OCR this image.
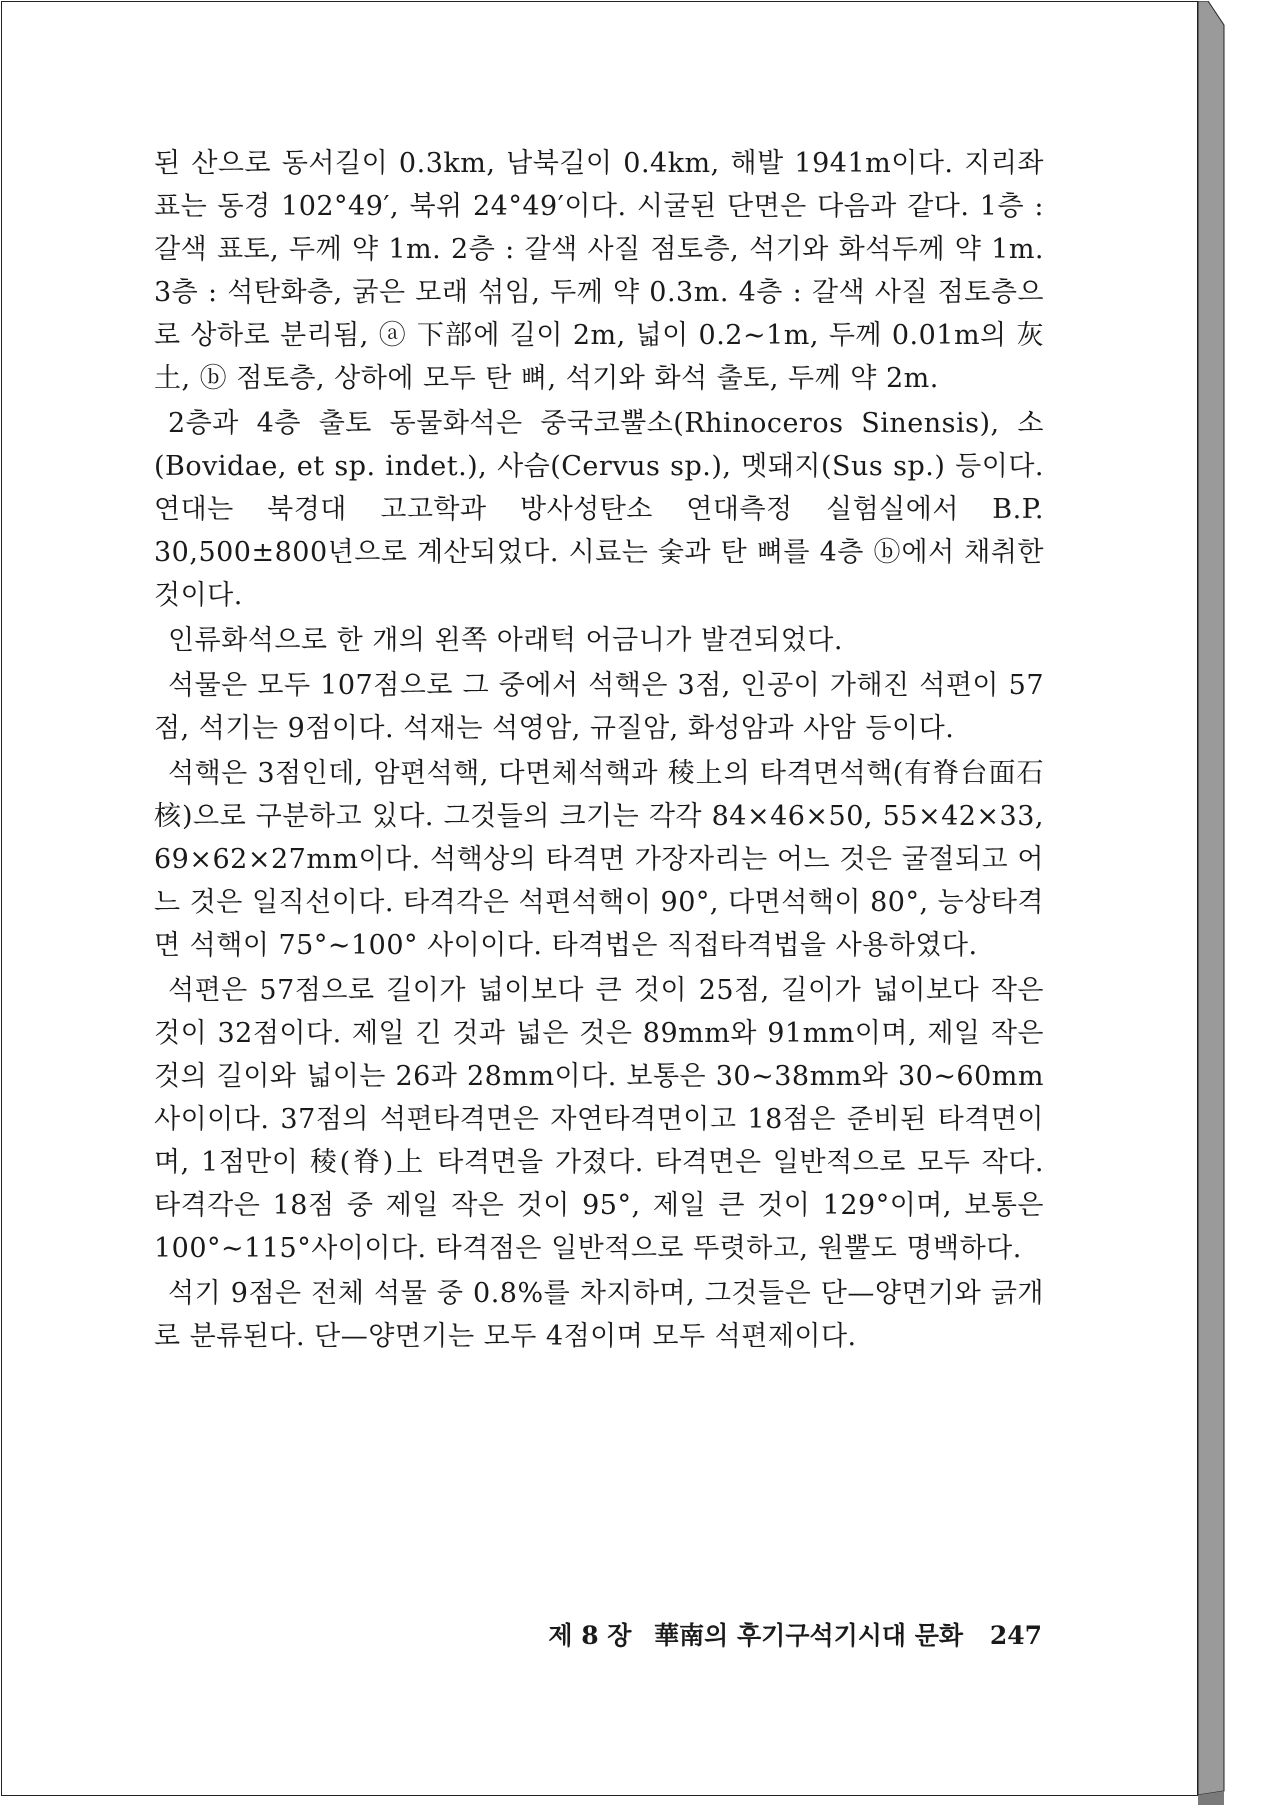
된 산으로 동서길이 0.3km, 남북길이 0.4km, 해발 1941m이다. 지리좌표는 동경 102°49′, 북위 24°49′이다. 시굴된 단면은 다음과 같다. 1층 : 갈색 표토, 두께 약 1m. 2층 : 갈색 사질 점토층, 석기와 화석두께 약 1m. 3층 : 석탄화층, 굵은 모래 섞임, 두께 약 0.3m. 4층 : 갈색 사질 점토층으로 상하로 분리됨, ⓐ 下部에 길이 2m, 넓이 0.2∼1m, 두께 0.01m의 灰土, ⓑ 점토층, 상하에 모두 탄 뼈, 석기와 화석 출토, 두께 약 2m.

2층과 4층 출토 동물화석은 중국코뿔소(Rhinoceros Sinensis), 소(Bovidae, et sp. indet.), 사슴(Cervus sp.), 멧돼지(Sus sp.) 등이다. 연대는 북경대 고고학과 방사성탄소 연대측정 실험실에서 B.P. 30,500±800년으로 계산되었다. 시료는 숯과 탄 뼈를 4층 ⓑ에서 채취한 것이다.

인류화석으로 한 개의 왼쪽 아래턱 어금니가 발견되었다.

석물은 모두 107점으로 그 중에서 석핵은 3점, 인공이 가해진 석편이 57점, 석기는 9점이다. 석재는 석영암, 규질암, 화성암과 사암 등이다.

석핵은 3점인데, 암편석핵, 다면체석핵과 稜上의 타격면석핵(有脊台面石核)으로 구분하고 있다. 그것들의 크기는 각각 84×46×50, 55×42×33, 69×62×27mm이다. 석핵상의 타격면 가장자리는 어느 것은 굴절되고 어느 것은 일직선이다. 타격각은 석편석핵이 90°, 다면석핵이 80°, 능상타격면 석핵이 75°∼100° 사이이다. 타격법은 직접타격법을 사용하였다.

석편은 57점으로 길이가 넓이보다 큰 것이 25점, 길이가 넓이보다 작은 것이 32점이다. 제일 긴 것과 넓은 것은 89mm와 91mm이며, 제일 작은 것의 길이와 넓이는 26과 28mm이다. 보통은 30∼38mm와 30∼60mm 사이이다. 37점의 석편타격면은 자연타격면이고 18점은 준비된 타격면이며, 1점만이 稜(脊)上 타격면을 가졌다. 타격면은 일반적으로 모두 작다. 타격각은 18점 중 제일 작은 것이 95°, 제일 큰 것이 129°이며, 보통은 100°∼115°사이이다. 타격점은 일반적으로 뚜렷하고, 원뿔도 명백하다.

석기 9점은 전체 석물 중 0.8%를 차지하며, 그것들은 단—양면기와 긁개로 분류된다. 단—양면기는 모두 4점이며 모두 석편제이다.

제 8 장 華南의 후기구석기시대 문화 247
